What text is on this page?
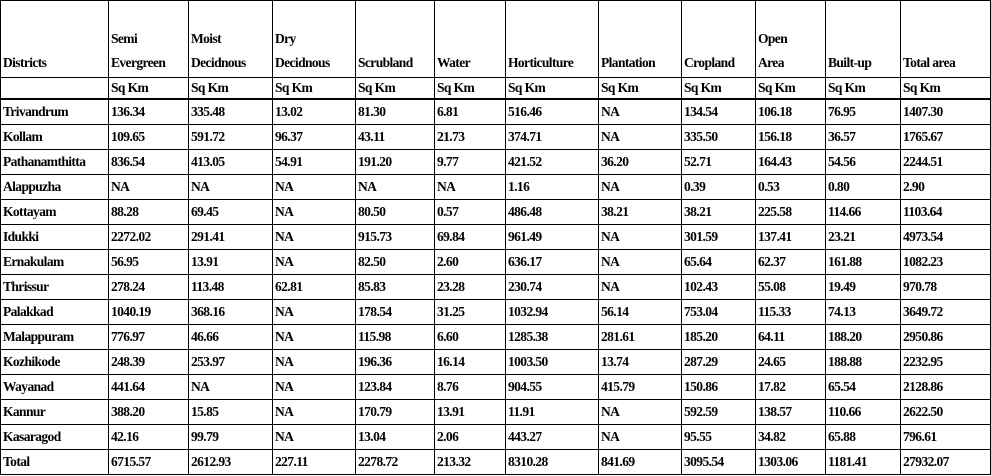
Districts	Semi Evergreen	Moist Decidnous	Dry Decidnous	Scrubland	Water	Horticulture	Plantation	Cropland	Open Area	Built-up	Total area
	Sq Km	Sq Km	Sq Km	Sq Km	Sq Km	Sq Km	Sq Km	Sq Km	Sq Km	Sq Km	Sq Km
Trivandrum	136.34	335.48	13.02	81.30	6.81	516.46	NA	134.54	106.18	76.95	1407.30
Kollam	109.65	591.72	96.37	43.11	21.73	374.71	NA	335.50	156.18	36.57	1765.67
Pathanamthitta	836.54	413.05	54.91	191.20	9.77	421.52	36.20	52.71	164.43	54.56	2244.51
Alappuzha	NA	NA	NA	NA	NA	1.16	NA	0.39	0.53	0.80	2.90
Kottayam	88.28	69.45	NA	80.50	0.57	486.48	38.21	38.21	225.58	114.66	1103.64
Idukki	2272.02	291.41	NA	915.73	69.84	961.49	NA	301.59	137.41	23.21	4973.54
Ernakulam	56.95	13.91	NA	82.50	2.60	636.17	NA	65.64	62.37	161.88	1082.23
Thrissur	278.24	113.48	62.81	85.83	23.28	230.74	NA	102.43	55.08	19.49	970.78
Palakkad	1040.19	368.16	NA	178.54	31.25	1032.94	56.14	753.04	115.33	74.13	3649.72
Malappuram	776.97	46.66	NA	115.98	6.60	1285.38	281.61	185.20	64.11	188.20	2950.86
Kozhikode	248.39	253.97	NA	196.36	16.14	1003.50	13.74	287.29	24.65	188.88	2232.95
Wayanad	441.64	NA	NA	123.84	8.76	904.55	415.79	150.86	17.82	65.54	2128.86
Kannur	388.20	15.85	NA	170.79	13.91	11.91	NA	592.59	138.57	110.66	2622.50
Kasaragod	42.16	99.79	NA	13.04	2.06	443.27	NA	95.55	34.82	65.88	796.61
Total	6715.57	2612.93	227.11	2278.72	213.32	8310.28	841.69	3095.54	1303.06	1181.41	27932.07
